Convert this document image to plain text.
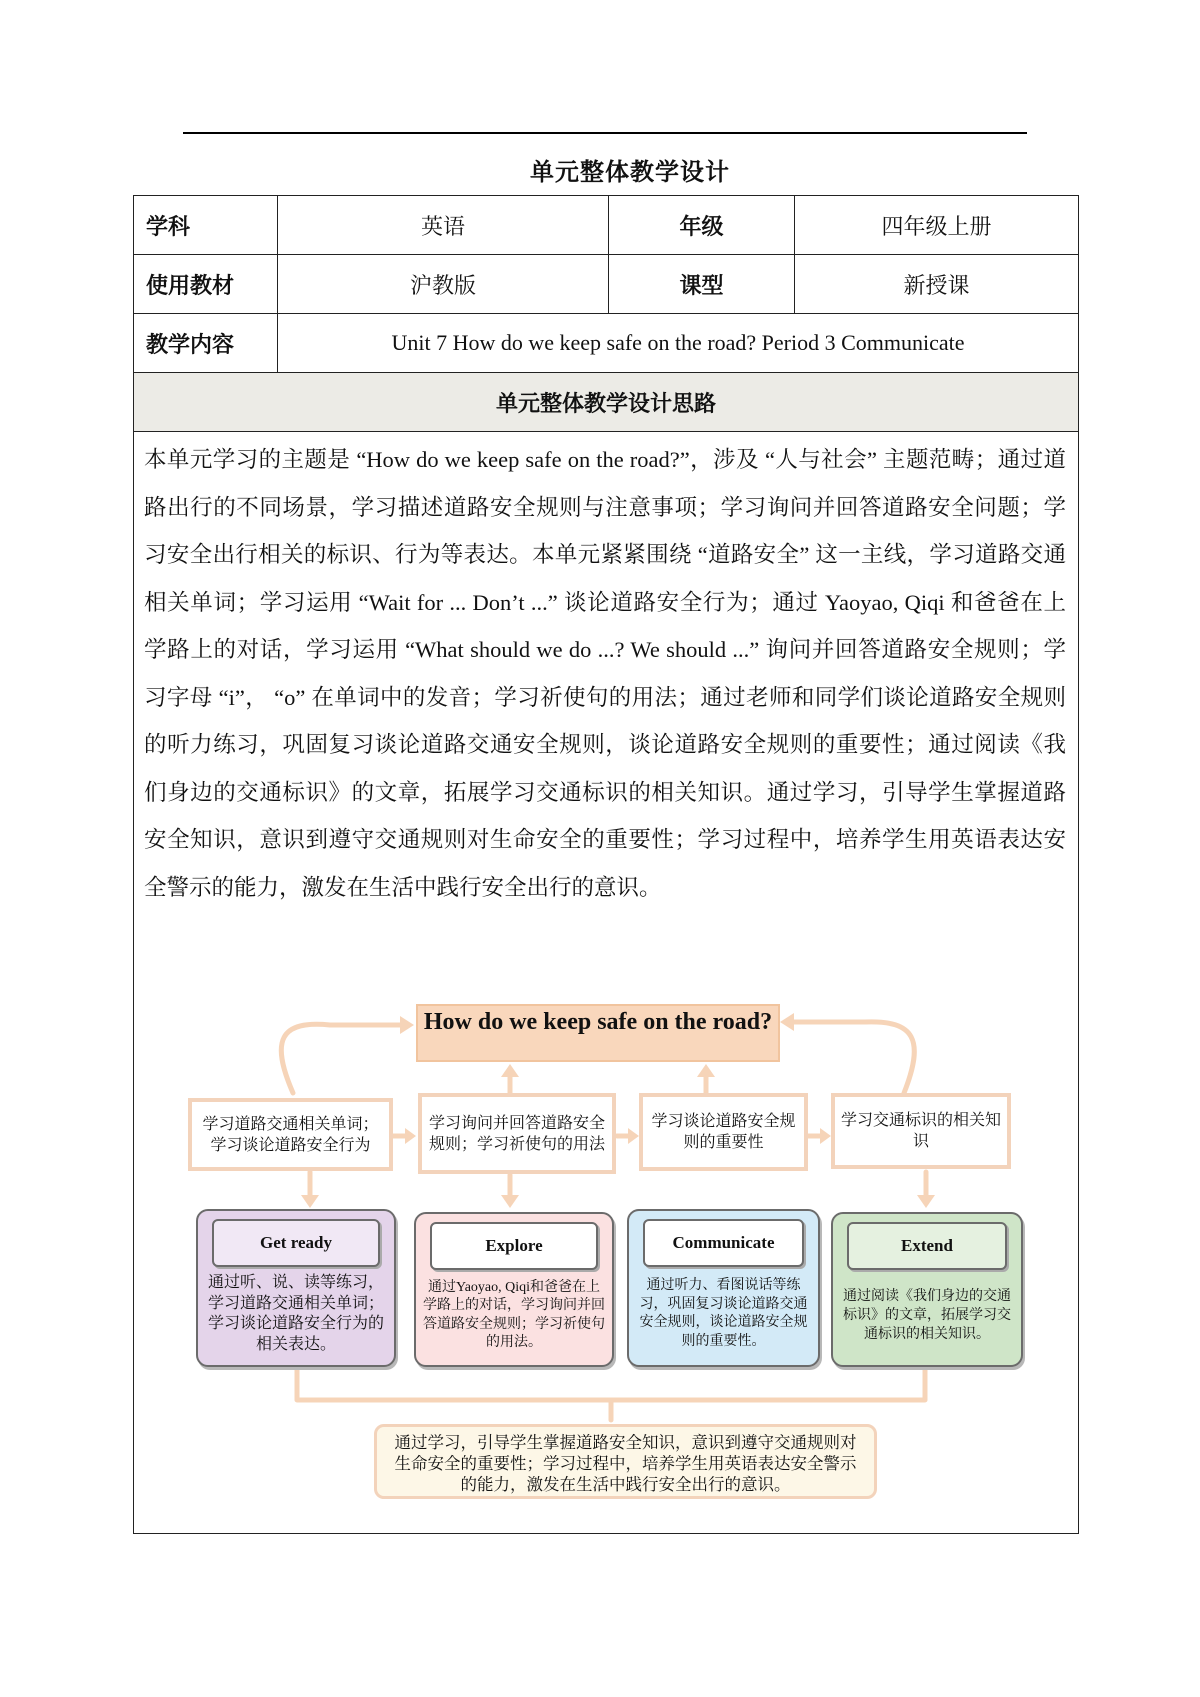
单元整体教学设计
学科	英语	年级	四年级上册
使用教材	沪教版	课型	新授课
教学内容	Unit 7 How do we keep safe on the road? Period 3 Communicate		
单元整体教学设计思路			
本单元学习的主题是 “How do we keep safe on the road?”，涉及 “人与社会” 主题范畴；通过道路出行的不同场景，学习描述道路安全规则与注意事项；学习询问并回答道路安全问题；学习安全出行相关的标识、行为等表达。本单元紧紧围绕 “道路安全” 这一主线，学习道路交通相关单词；学习运用 “Wait for ... Don’t ...” 谈论道路安全行为；通过 Yaoyao, Qiqi 和爸爸在上学路上的对话，学习运用 “What should we do ...? We should ...” 询问并回答道路安全规则；学习字母 “i”， “o” 在单词中的发音；学习祈使句的用法；通过老师和同学们谈论道路安全规则的听力练习，巩固复习谈论道路交通安全规则，谈论道路安全规则的重要性；通过阅读《我们身边的交通标识》的文章，拓展学习交通标识的相关知识。通过学习，引导学生掌握道路安全知识，意识到遵守交通规则对生命安全的重要性；学习过程中，培养学生用英语表达安全警示的能力，激发在生活中践行安全出行的意识。
How do we keep safe on the road?
学习道路交通相关单词；学习谈论道路安全行为
学习询问并回答道路安全规则；学习祈使句的用法
学习谈论道路安全规则的重要性
学习交通标识的相关知识
Get ready
通过听、说、读等练习，学习道路交通相关单词；学习谈论道路安全行为的相关表达。
Explore
通过Yaoyao, Qiqi和爸爸在上学路上的对话，学习询问并回答道路安全规则；学习祈使句的用法。
Communicate
通过听力、看图说话等练习，巩固复习谈论道路交通安全规则，谈论道路安全规则的重要性。
Extend
通过阅读《我们身边的交通标识》的文章，拓展学习交通标识的相关知识。
通过学习，引导学生掌握道路安全知识，意识到遵守交通规则对生命安全的重要性；学习过程中，培养学生用英语表达安全警示的能力，激发在生活中践行安全出行的意识。
